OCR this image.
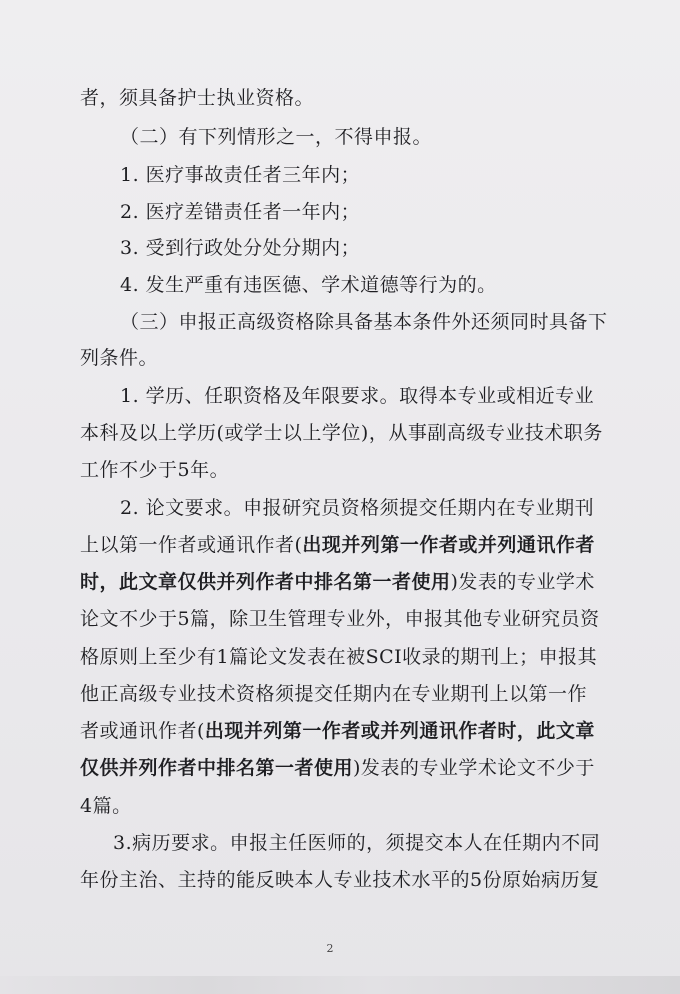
者，须具备护士执业资格。
（二）有下列情形之一，不得申报。
1. 医疗事故责任者三年内；
2. 医疗差错责任者一年内；
3. 受到行政处分处分期内；
4. 发生严重有违医德、学术道德等行为的。
（三）申报正高级资格除具备基本条件外还须同时具备下
列条件。
1. 学历、任职资格及年限要求。取得本专业或相近专业
本科及以上学历(或学士以上学位)，从事副高级专业技术职务
工作不少于5年。
2. 论文要求。申报研究员资格须提交任期内在专业期刊
上以第一作者或通讯作者(出现并列第一作者或并列通讯作者
时，此文章仅供并列作者中排名第一者使用)发表的专业学术
论文不少于5篇，除卫生管理专业外，申报其他专业研究员资
格原则上至少有1篇论文发表在被SCI收录的期刊上；申报其
他正高级专业技术资格须提交任期内在专业期刊上以第一作
者或通讯作者(出现并列第一作者或并列通讯作者时，此文章
仅供并列作者中排名第一者使用)发表的专业学术论文不少于
4篇。
3.病历要求。申报主任医师的，须提交本人在任期内不同
年份主治、主持的能反映本人专业技术水平的5份原始病历复
2
